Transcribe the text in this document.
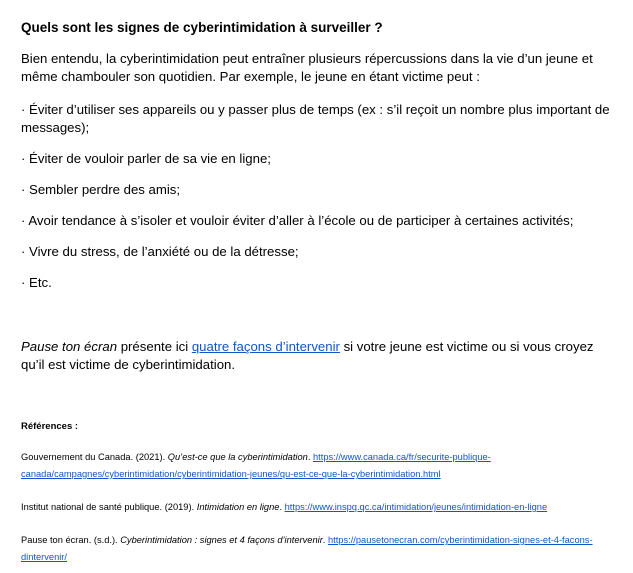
Quels sont les signes de cyberintimidation à surveiller ?

Bien entendu, la cyberintimidation peut entraîner plusieurs répercussions dans la vie d’un jeune et même chambouler son quotidien. Par exemple, le jeune en étant victime peut :

· Éviter d’utiliser ses appareils ou y passer plus de temps (ex : s’il reçoit un nombre plus important de messages);

· Éviter de vouloir parler de sa vie en ligne;

· Sembler perdre des amis;

· Avoir tendance à s’isoler et vouloir éviter d’aller à l’école ou de participer à certaines activités;

· Vivre du stress, de l’anxiété ou de la détresse;

· Etc.

Pause ton écran présente ici quatre façons d’intervenir si votre jeune est victime ou si vous croyez qu’il est victime de cyberintimidation.

Références :

Gouvernement du Canada. (2021). Qu’est-ce que la cyberintimidation. https://www.canada.ca/fr/securite-publique-canada/campagnes/cyberintimidation/cyberintimidation-jeunes/qu-est-ce-que-la-cyberintimidation.html

Institut national de santé publique. (2019). Intimidation en ligne. https://www.inspq.qc.ca/intimidation/jeunes/intimidation-en-ligne

Pause ton écran. (s.d.). Cyberintimidation : signes et 4 façons d’intervenir. https://pausetonecran.com/cyberintimidation-signes-et-4-facons-dintervenir/
